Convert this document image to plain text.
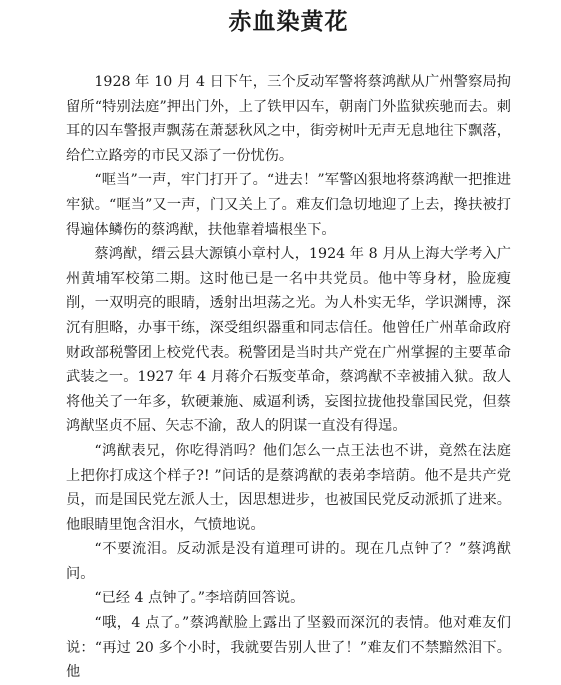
赤血染黄花

1928 年 10 月 4 日下午，三个反动军警将蔡鸿猷从广州警察局拘留所“特别法庭”押出门外，上了铁甲囚车，朝南门外监狱疾驰而去。刺耳的囚车警报声飘荡在萧瑟秋风之中，街旁树叶无声无息地往下飘落，给伫立路旁的市民又添了一份忧伤。

“哐当”一声，牢门打开了。“进去！”军警凶狠地将蔡鸿猷一把推进牢狱。“哐当”又一声，门又关上了。难友们急切地迎了上去，搀扶被打得遍体鳞伤的蔡鸿猷，扶他靠着墙根坐下。

蔡鸿猷，缙云县大源镇小章村人，1924 年 8 月从上海大学考入广州黄埔军校第二期。这时他已是一名中共党员。他中等身材，脸庞瘦削，一双明亮的眼睛，透射出坦荡之光。为人朴实无华，学识渊博，深沉有胆略，办事干练，深受组织器重和同志信任。他曾任广州革命政府财政部税警团上校党代表。税警团是当时共产党在广州掌握的主要革命武装之一。1927 年 4 月蒋介石叛变革命，蔡鸿猷不幸被捕入狱。敌人将他关了一年多，软硬兼施、威逼利诱，妄图拉拢他投靠国民党，但蔡鸿猷坚贞不屈、矢志不渝，敌人的阴谋一直没有得逞。

“鸿猷表兄，你吃得消吗？他们怎么一点王法也不讲，竟然在法庭上把你打成这个样子?! ”问话的是蔡鸿猷的表弟李培荫。他不是共产党员，而是国民党左派人士，因思想进步，也被国民党反动派抓了进来。他眼睛里饱含泪水，气愤地说。

“不要流泪。反动派是没有道理可讲的。现在几点钟了？”蔡鸿猷问。

“已经 4 点钟了。”李培荫回答说。

“哦，4 点了。”蔡鸿猷脸上露出了坚毅而深沉的表情。他对难友们说：“再过 20 多个小时，我就要告别人世了！”难友们不禁黯然泪下。他
